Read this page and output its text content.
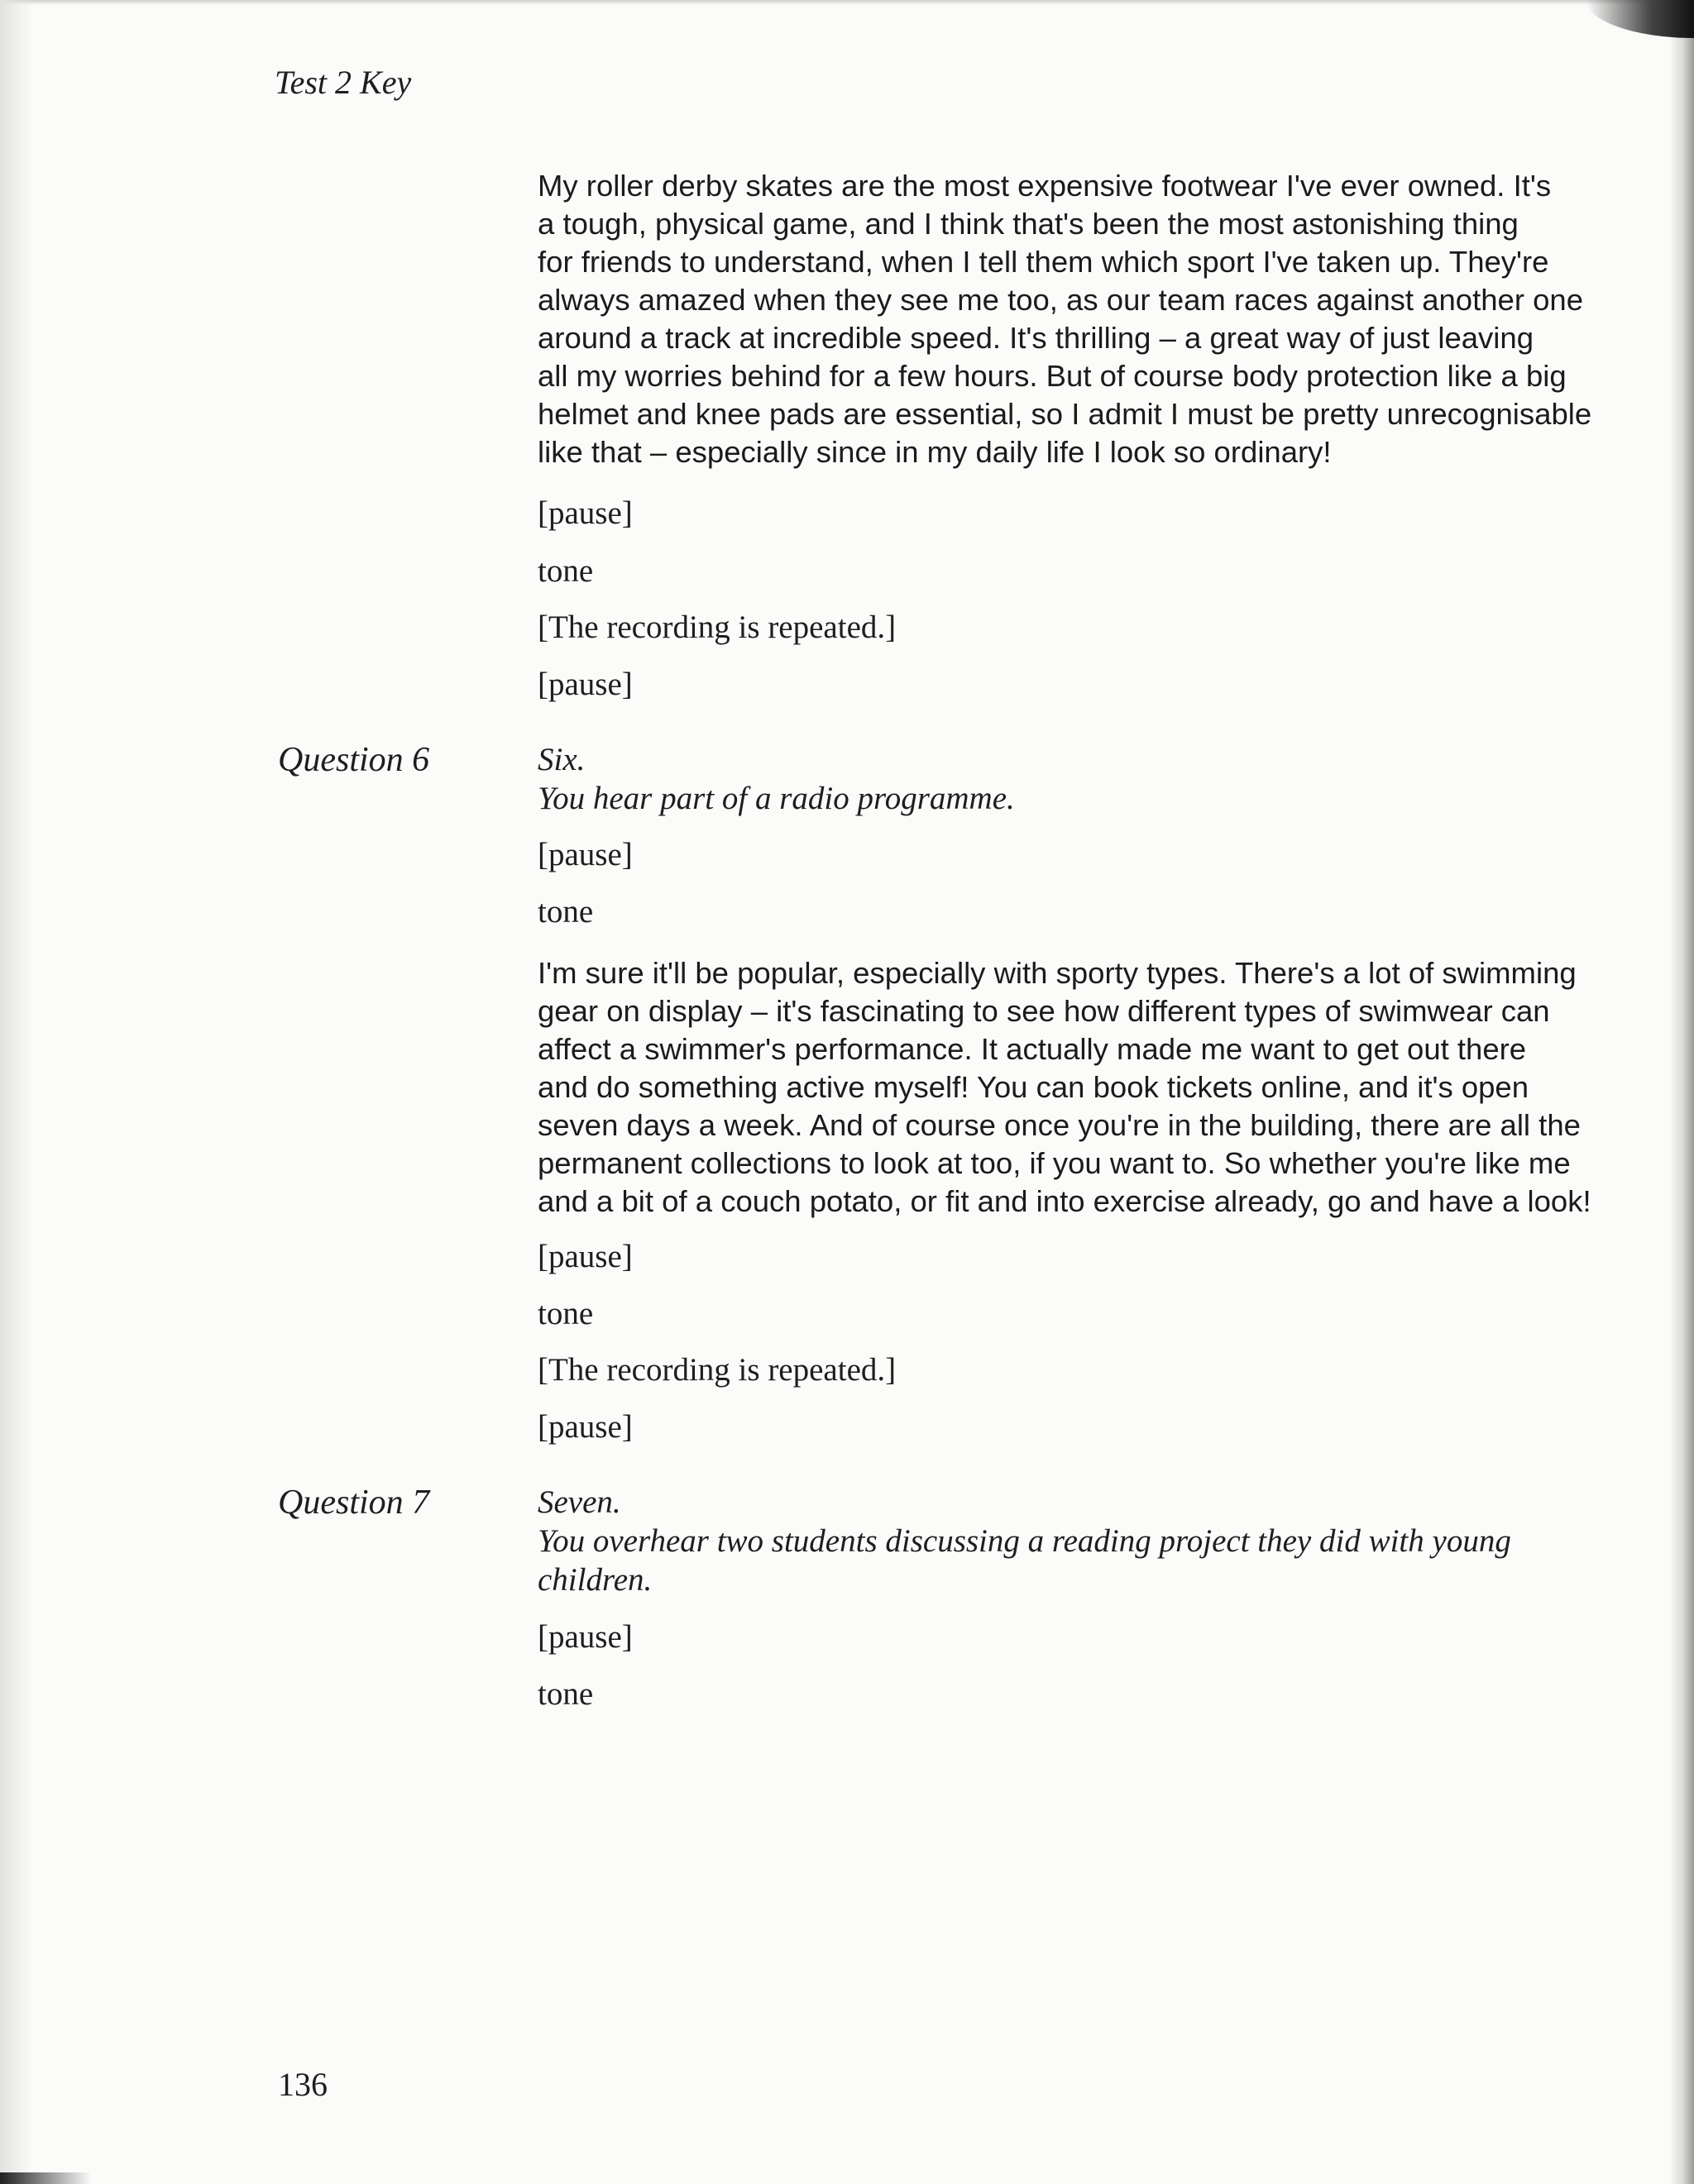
Test 2 Key
My roller derby skates are the most expensive footwear I've ever owned. It's
a tough, physical game, and I think that's been the most astonishing thing
for friends to understand, when I tell them which sport I've taken up. They're
always amazed when they see me too, as our team races against another one
around a track at incredible speed. It's thrilling – a great way of just leaving
all my worries behind for a few hours. But of course body protection like a big
helmet and knee pads are essential, so I admit I must be pretty unrecognisable
like that – especially since in my daily life I look so ordinary!
[pause]
tone
[The recording is repeated.]
[pause]
Question 6	Six.
You hear part of a radio programme.
[pause]
tone
I'm sure it'll be popular, especially with sporty types. There's a lot of swimming
gear on display – it's fascinating to see how different types of swimwear can
affect a swimmer's performance. It actually made me want to get out there
and do something active myself! You can book tickets online, and it's open
seven days a week. And of course once you're in the building, there are all the
permanent collections to look at too, if you want to. So whether you're like me
and a bit of a couch potato, or fit and into exercise already, go and have a look!
[pause]
tone
[The recording is repeated.]
[pause]
Question 7	Seven.
You overhear two students discussing a reading project they did with young
children.
[pause]
tone
136
